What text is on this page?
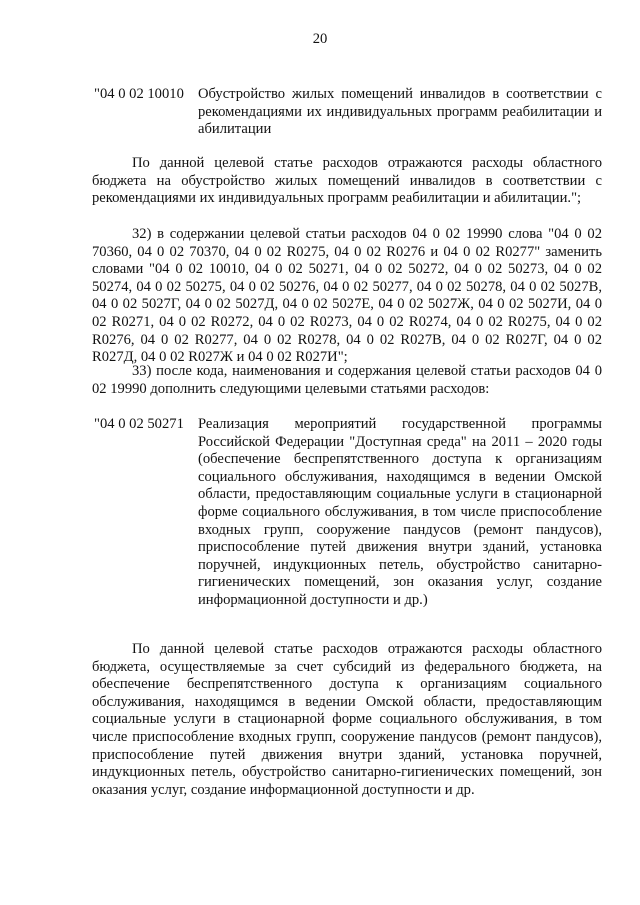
20
"04 0 02 10010 Обустройство жилых помещений инвалидов в соответствии с рекомендациями их индивидуальных программ реабилитации и абилитации
По данной целевой статье расходов отражаются расходы областного бюджета на обустройство жилых помещений инвалидов в соответствии с рекомендациями их индивидуальных программ реабилитации и абилитации.";
32) в содержании целевой статьи расходов 04 0 02 19990 слова "04 0 02 70360, 04 0 02 70370, 04 0 02 R0275, 04 0 02 R0276 и 04 0 02 R0277" заменить словами "04 0 02 10010, 04 0 02 50271, 04 0 02 50272, 04 0 02 50273, 04 0 02 50274, 04 0 02 50275, 04 0 02 50276, 04 0 02 50277, 04 0 02 50278, 04 0 02 5027В, 04 0 02 5027Г, 04 0 02 5027Д, 04 0 02 5027Е, 04 0 02 5027Ж, 04 0 02 5027И, 04 0 02 R0271, 04 0 02 R0272, 04 0 02 R0273, 04 0 02 R0274, 04 0 02 R0275, 04 0 02 R0276, 04 0 02 R0277, 04 0 02 R0278, 04 0 02 R027В, 04 0 02 R027Г, 04 0 02 R027Д, 04 0 02 R027Ж и 04 0 02 R027И";
33) после кода, наименования и содержания целевой статьи расходов 04 0 02 19990 дополнить следующими целевыми статьями расходов:
"04 0 02 50271 Реализация мероприятий государственной программы Российской Федерации "Доступная среда" на 2011 – 2020 годы (обеспечение беспрепятственного доступа к организациям социального обслуживания, находящимся в ведении Омской области, предоставляющим социальные услуги в стационарной форме социального обслуживания, в том числе приспособление входных групп, сооружение пандусов (ремонт пандусов), приспособление путей движения внутри зданий, установка поручней, индукционных петель, обустройство санитарно-гигиенических помещений, зон оказания услуг, создание информационной доступности и др.)
По данной целевой статье расходов отражаются расходы областного бюджета, осуществляемые за счет субсидий из федерального бюджета, на обеспечение беспрепятственного доступа к организациям социального обслуживания, находящимся в ведении Омской области, предоставляющим социальные услуги в стационарной форме социального обслуживания, в том числе приспособление входных групп, сооружение пандусов (ремонт пандусов), приспособление путей движения внутри зданий, установка поручней, индукционных петель, обустройство санитарно-гигиенических помещений, зон оказания услуг, создание информационной доступности и др.
